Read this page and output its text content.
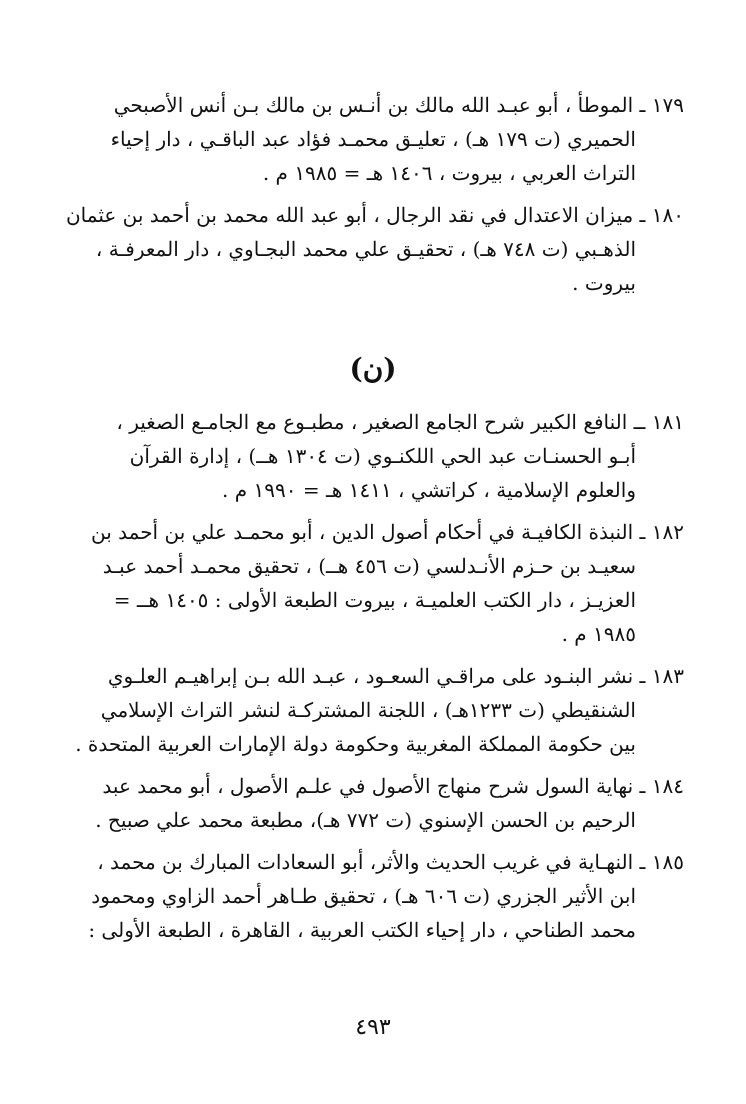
١٧٩ ـ الموطأ ، أبو عبـد الله مالك بن أنـس بن مالك بـن أنس الأصبحي
الحميري (ت ١٧٩ هـ) ، تعليـق محمـد فؤاد عبد الباقـي ، دار إحياء
التراث العربي ، بيروت ، ١٤٠٦ هـ = ١٩٨٥ م .
١٨٠ ـ ميزان الاعتدال في نقد الرجال ، أبو عبد الله محمد بن أحمد بن عثمان
الذهـبي (ت ٧٤٨ هـ) ، تحقيـق علي محمد البجـاوي ، دار المعرفـة ،
بيروت .
(ن)
١٨١ ــ النافع الكبير شرح الجامع الصغير ، مطبـوع مع الجامـع الصغير ،
أبـو الحسنـات عبد الحي اللكنـوي (ت ١٣٠٤ هــ) ، إدارة القرآن
والعلوم الإسلامية ، كراتشي ، ١٤١١ هـ = ١٩٩٠ م .
١٨٢ ـ النبذة الكافيـة في أحكام أصول الدين ، أبو محمـد علي بن أحمد بن
سعيـد بن حـزم الأنـدلسي (ت ٤٥٦ هــ) ، تحقيق محمـد أحمد عبـد
العزيـز ، دار الكتب العلميـة ، بيروت الطبعة الأولى : ١٤٠٥ هــ =
١٩٨٥ م .
١٨٣ ـ نشر البنـود على مراقـي السعـود ، عبـد الله بـن إبراهيـم العلـوي
الشنقيطي (ت ١٢٣٣هـ) ، اللجنة المشتركـة لنشر التراث الإسلامي
بين حكومة المملكة المغربية وحكومة دولة الإمارات العربية المتحدة .
١٨٤ ـ نهاية السول شرح منهاج الأصول في علـم الأصول ، أبو محمد عبد
الرحيم بن الحسن الإسنوي (ت ٧٧٢ هـ)، مطبعة محمد علي صبيح .
١٨٥ ـ النهـاية في غريب الحديث والأثر، أبو السعادات المبارك بن محمد ،
ابن الأثير الجزري (ت ٦٠٦ هـ) ، تحقيق طـاهر أحمد الزاوي ومحمود
محمد الطناحي ، دار إحياء الكتب العربية ، القاهرة ، الطبعة الأولى :
٤٩٣
